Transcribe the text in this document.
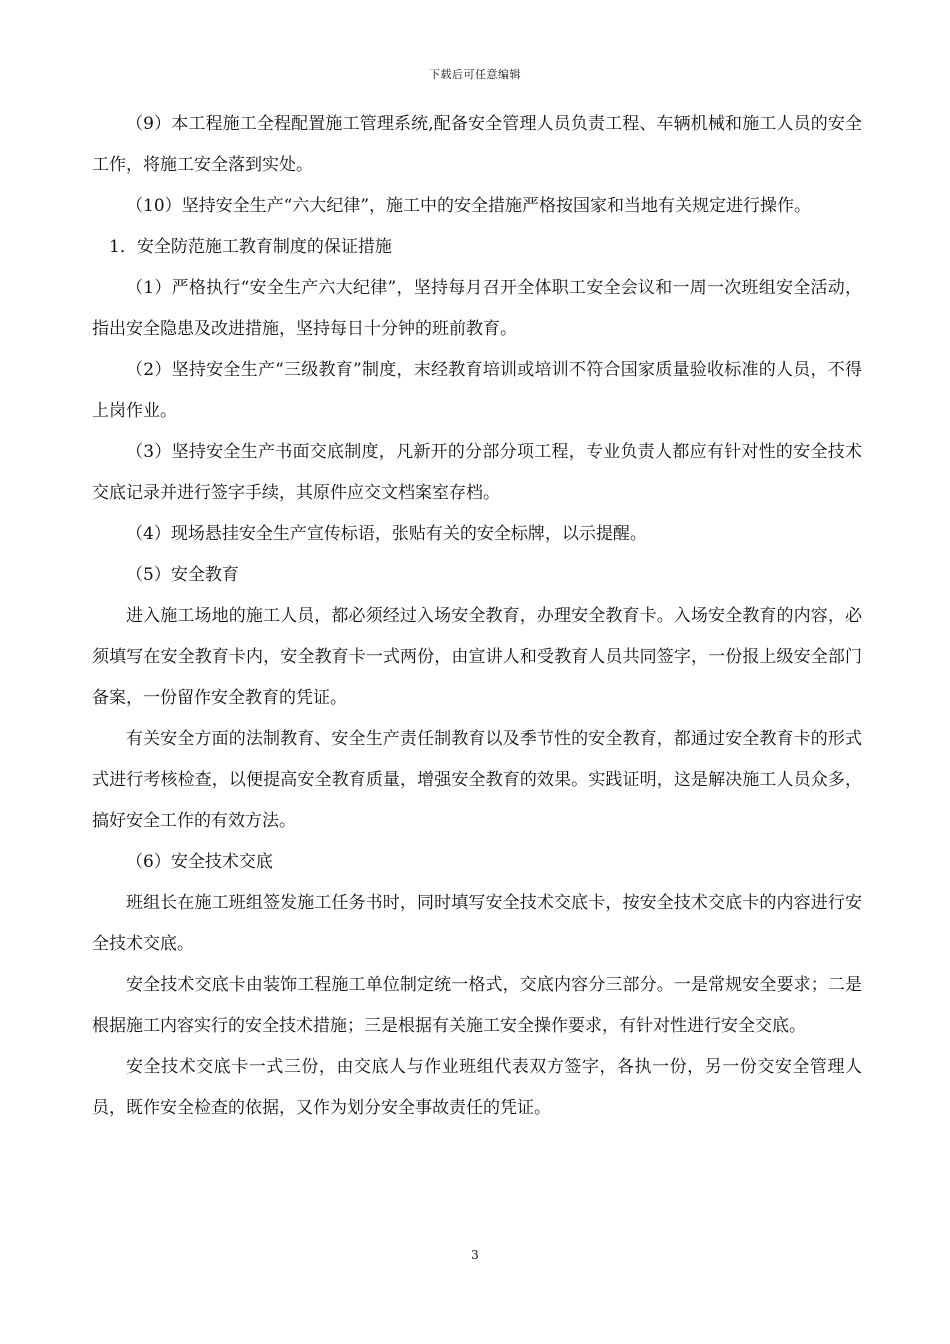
下载后可任意编辑

（9）本工程施工全程配置施工管理系统,配备安全管理人员负责工程、车辆机械和施工人员的安全工作，将施工安全落到实处。

（10）坚持安全生产“六大纪律”，施工中的安全措施严格按国家和当地有关规定进行操作。

1．安全防范施工教育制度的保证措施

（1）严格执行“安全生产六大纪律”，坚持每月召开全体职工安全会议和一周一次班组安全活动，指出安全隐患及改进措施，坚持每日十分钟的班前教育。

（2）坚持安全生产“三级教育”制度，末经教育培训或培训不符合国家质量验收标准的人员，不得上岗作业。

（3）坚持安全生产书面交底制度，凡新开的分部分项工程，专业负责人都应有针对性的安全技术交底记录并进行签字手续，其原件应交文档案室存档。

（4）现场悬挂安全生产宣传标语，张贴有关的安全标牌，以示提醒。

（5）安全教育

进入施工场地的施工人员，都必须经过入场安全教育，办理安全教育卡。入场安全教育的内容，必须填写在安全教育卡内，安全教育卡一式两份，由宣讲人和受教育人员共同签字，一份报上级安全部门备案，一份留作安全教育的凭证。

有关安全方面的法制教育、安全生产责任制教育以及季节性的安全教育，都通过安全教育卡的形式式进行考核检查，以便提高安全教育质量，增强安全教育的效果。实践证明，这是解决施工人员众多，搞好安全工作的有效方法。

（6）安全技术交底

班组长在施工班组签发施工任务书时，同时填写安全技术交底卡，按安全技术交底卡的内容进行安全技术交底。

安全技术交底卡由装饰工程施工单位制定统一格式，交底内容分三部分。一是常规安全要求；二是根据施工内容实行的安全技术措施；三是根据有关施工安全操作要求，有针对性进行安全交底。

安全技术交底卡一式三份，由交底人与作业班组代表双方签字，各执一份，另一份交安全管理人员，既作安全检查的依据，又作为划分安全事故责任的凭证。

3
